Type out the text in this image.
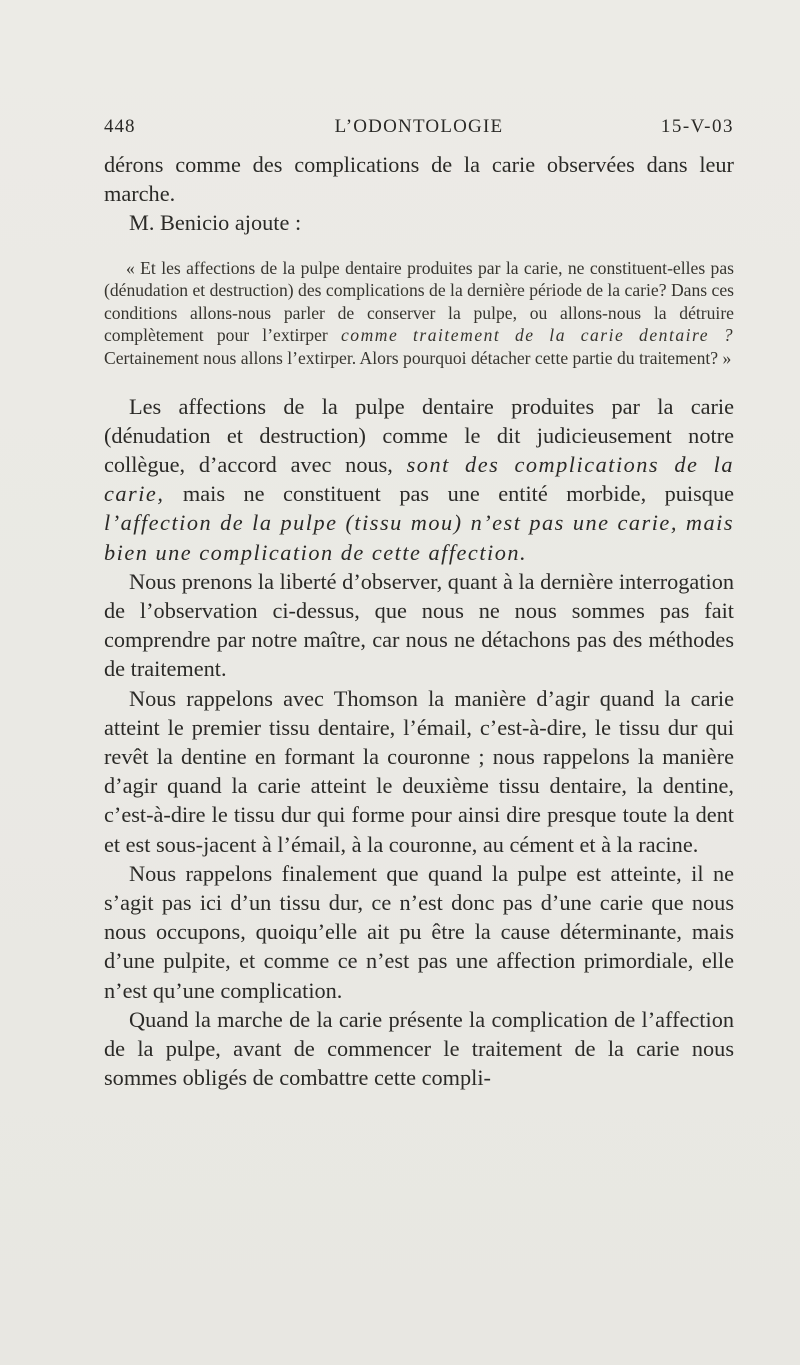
448	L’ODONTOLOGIE	15-V-03

dérons comme des complications de la carie observées dans leur marche.

M. Benicio ajoute :

« Et les affections de la pulpe dentaire produites par la carie, ne constituent-elles pas (dénudation et destruction) des complications de la dernière période de la carie? Dans ces conditions allons-nous parler de conserver la pulpe, ou allons-nous la détruire complètement pour l’extirper comme traitement de la carie dentaire ? Certainement nous allons l’extirper. Alors pourquoi détacher cette partie du traitement? »

Les affections de la pulpe dentaire produites par la carie (dénudation et destruction) comme le dit judicieusement notre collègue, d’accord avec nous, sont des complications de la carie, mais ne constituent pas une entité morbide, puisque l’affection de la pulpe (tissu mou) n’est pas une carie, mais bien une complication de cette affection.

Nous prenons la liberté d’observer, quant à la dernière interrogation de l’observation ci-dessus, que nous ne nous sommes pas fait comprendre par notre maître, car nous ne détachons pas des méthodes de traitement.

Nous rappelons avec Thomson la manière d’agir quand la carie atteint le premier tissu dentaire, l’émail, c’est-à-dire, le tissu dur qui revêt la dentine en formant la couronne ; nous rappelons la manière d’agir quand la carie atteint le deuxième tissu dentaire, la dentine, c’est-à-dire le tissu dur qui forme pour ainsi dire presque toute la dent et est sous-jacent à l’émail, à la couronne, au cément et à la racine.

Nous rappelons finalement que quand la pulpe est atteinte, il ne s’agit pas ici d’un tissu dur, ce n’est donc pas d’une carie que nous nous occupons, quoiqu’elle ait pu être la cause déterminante, mais d’une pulpite, et comme ce n’est pas une affection primordiale, elle n’est qu’une complication.

Quand la marche de la carie présente la complication de l’affection de la pulpe, avant de commencer le traitement de la carie nous sommes obligés de combattre cette compli-
